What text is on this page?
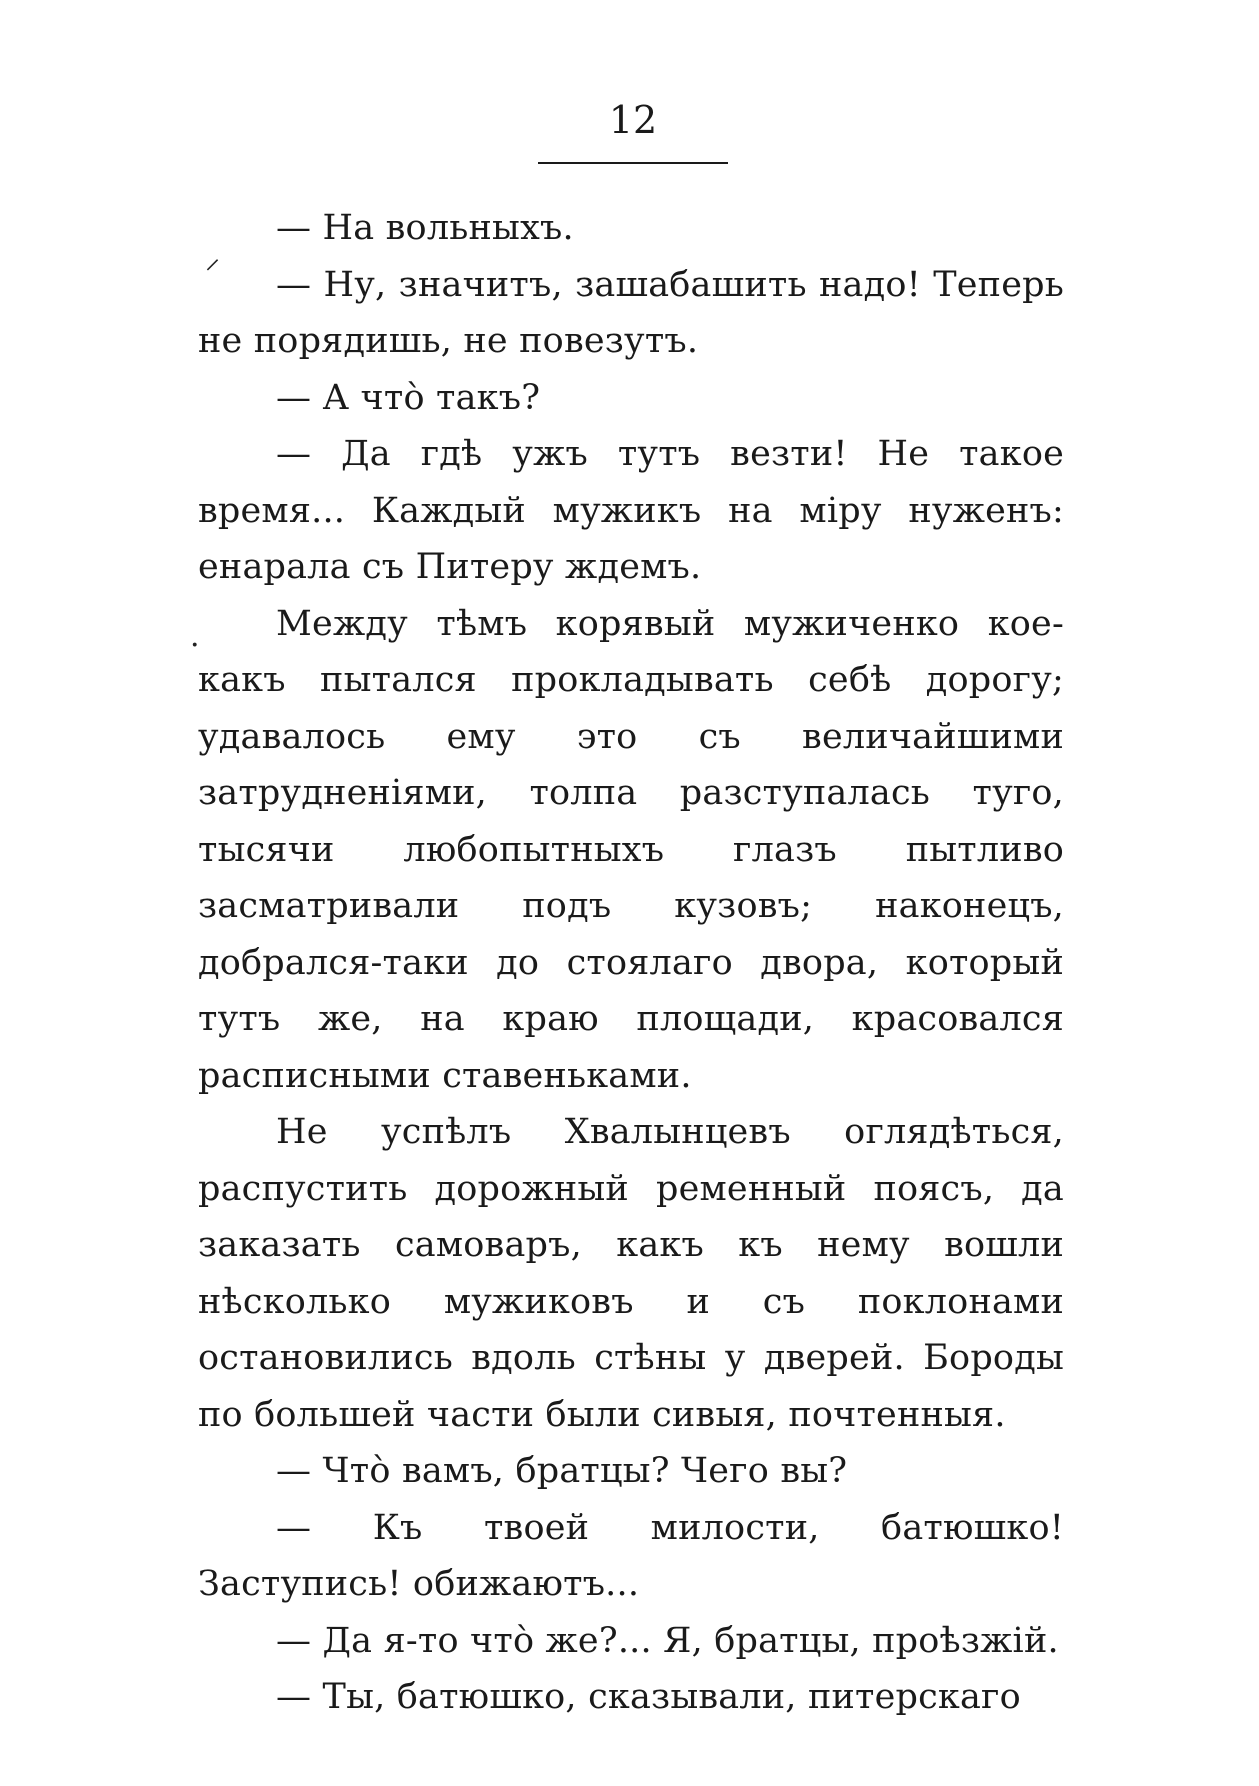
12
⸝
·

— На вольныхъ.

— Ну, значитъ, зашабашить надо! Теперь не порядишь, не повезутъ.

— А что̀ такъ?

— Да гдѣ ужъ тутъ везти! Не такое время... Каждый мужикъ на міру нуженъ: енарала съ Питеру ждемъ.

Между тѣмъ корявый мужиченко кое-какъ пытался прокладывать себѣ дорогу; удавалось ему это съ величайшими затрудненіями, толпа разступалась туго, тысячи любопытныхъ глазъ пытливо засматривали подъ кузовъ; наконецъ, добрался-таки до стоялаго двора, который тутъ же, на краю площади, красовался расписными ставеньками.

Не успѣлъ Хвалынцевъ оглядѣться, распустить дорожный ременный поясъ, да заказать самоваръ, какъ къ нему вошли нѣсколько мужиковъ и съ поклонами остановились вдоль стѣны у дверей. Бороды по большей части были сивыя, почтенныя.

— Что̀ вамъ, братцы? Чего вы?

— Къ твоей милости, батюшко! Заступись! обижаютъ...

— Да я-то что̀ же?... Я, братцы, проѣзжій.

— Ты, батюшко, сказывали, питерскаго
